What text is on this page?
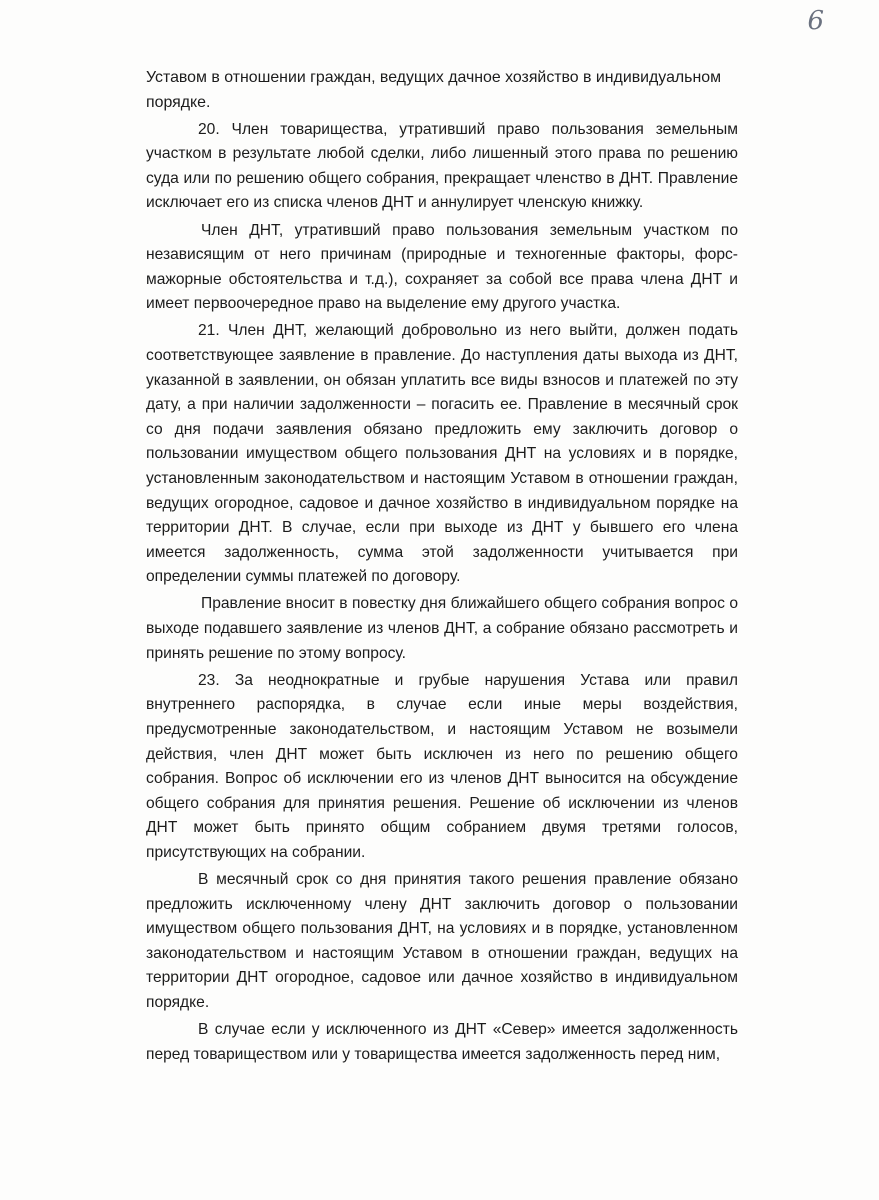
6

Уставом в отношении граждан, ведущих дачное хозяйство в индивидуальном порядке.

20. Член товарищества, утративший право пользования земельным участком в результате любой сделки, либо лишенный этого права по решению суда или по решению общего собрания, прекращает членство в ДНТ. Правление исключает его из списка членов ДНТ и аннулирует членскую книжку.

Член ДНТ, утративший право пользования земельным участком по независящим от него причинам (природные и техногенные факторы, форс-мажорные обстоятельства и т.д.), сохраняет за собой все права члена ДНТ и имеет первоочередное право на выделение ему другого участка.

21. Член ДНТ, желающий добровольно из него выйти, должен подать соответствующее заявление в правление. До наступления даты выхода из ДНТ, указанной в заявлении, он обязан уплатить все виды взносов и платежей по эту дату, а при наличии задолженности – погасить ее. Правление в месячный срок со дня подачи заявления обязано предложить ему заключить договор о пользовании имуществом общего пользования ДНТ на условиях и в порядке, установленным законодательством и настоящим Уставом в отношении граждан, ведущих огородное, садовое и дачное хозяйство в индивидуальном порядке на территории ДНТ. В случае, если при выходе из ДНТ у бывшего его члена имеется задолженность, сумма этой задолженности учитывается при определении суммы платежей по договору.

Правление вносит в повестку дня ближайшего общего собрания вопрос о выходе подавшего заявление из членов ДНТ, а собрание обязано рассмотреть и принять решение по этому вопросу.

23. За неоднократные и грубые нарушения Устава или правил внутреннего распорядка, в случае если иные меры воздействия, предусмотренные законодательством, и настоящим Уставом не возымели действия, член ДНТ может быть исключен из него по решению общего собрания. Вопрос об исключении его из членов ДНТ выносится на обсуждение общего собрания для принятия решения. Решение об исключении из членов ДНТ может быть принято общим собранием двумя третями голосов, присутствующих на собрании.

В месячный срок со дня принятия такого решения правление обязано предложить исключенному члену ДНТ заключить договор о пользовании имуществом общего пользования ДНТ, на условиях и в порядке, установленном законодательством и настоящим Уставом в отношении граждан, ведущих на территории ДНТ огородное, садовое или дачное хозяйство в индивидуальном порядке.

В случае если у исключенного из ДНТ «Север» имеется задолженность перед товариществом или у товарищества имеется задолженность перед ним,
